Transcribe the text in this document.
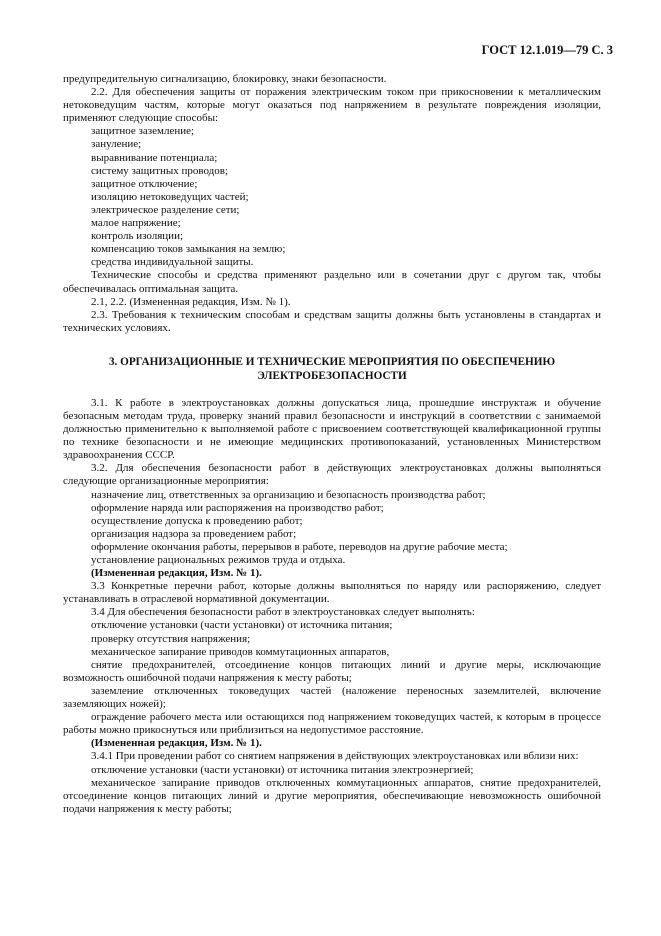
ГОСТ 12.1.019—79 С. 3

предупредительную сигнализацию, блокировку, знаки безопасности.

2.2. Для обеспечения защиты от поражения электрическим током при прикосновении к металлическим нетоковедущим частям, которые могут оказаться под напряжением в результате повреждения изоляции, применяют следующие способы:

защитное заземление;

зануление;

выравнивание потенциала;

систему защитных проводов;

защитное отключение;

изоляцию нетоковедущих частей;

электрическое разделение сети;

малое напряжение;

контроль изоляции;

компенсацию токов замыкания на землю;

средства индивидуальной защиты.

Технические способы и средства применяют раздельно или в сочетании друг с другом так, чтобы обеспечивалась оптимальная защита.

2.1, 2.2. (Измененная редакция, Изм. № 1).

2.3. Требования к техническим способам и средствам защиты должны быть установлены в стандартах и технических условиях.

3. ОРГАНИЗАЦИОННЫЕ И ТЕХНИЧЕСКИЕ МЕРОПРИЯТИЯ ПО ОБЕСПЕЧЕНИЮ ЭЛЕКТРОБЕЗОПАСНОСТИ

3.1. К работе в электроустановках должны допускаться лица, прошедшие инструктаж и обучение безопасным методам труда, проверку знаний правил безопасности и инструкций в соответствии с занимаемой должностью применительно к выполняемой работе с присвоением соответствующей квалификационной группы по технике безопасности и не имеющие медицинских противопоказаний, установленных Министерством здравоохранения СССР.

3.2. Для обеспечения безопасности работ в действующих электроустановках должны выполняться следующие организационные мероприятия:

назначение лиц, ответственных за организацию и безопасность производства работ;

оформление наряда или распоряжения на производство работ;

осуществление допуска к проведению работ;

организация надзора за проведением работ;

оформление окончания работы, перерывов в работе, переводов на другие рабочие места;

установление рациональных режимов труда и отдыха.

(Измененная редакция, Изм. № 1).

3.3 Конкретные перечни работ, которые должны выполняться по наряду или распоряжению, следует устанавливать в отраслевой нормативной документации.

3.4 Для обеспечения безопасности работ в электроустановках следует выполнять:

отключение установки (части установки) от источника питания;

проверку отсутствия напряжения;

механическое запирание приводов коммутационных аппаратов,

снятие предохранителей, отсоединение концов питающих линий и другие меры, исключающие возможность ошибочной подачи напряжения к месту работы;

заземление отключенных токоведущих частей (наложение переносных заземлителей, включение заземляющих ножей);

ограждение рабочего места или остающихся под напряжением токоведущих частей, к которым в процессе работы можно прикоснуться или приблизиться на недопустимое расстояние.

(Измененная редакция, Изм. № 1).

3.4.1 При проведении работ со снятием напряжения в действующих электроустановках или вблизи них:

отключение установки (части установки) от источника питания электроэнергией;

механическое запирание приводов отключенных коммутационных аппаратов, снятие предохранителей, отсоединение концов питающих линий и другие мероприятия, обеспечивающие невозможность ошибочной подачи напряжения к месту работы;
